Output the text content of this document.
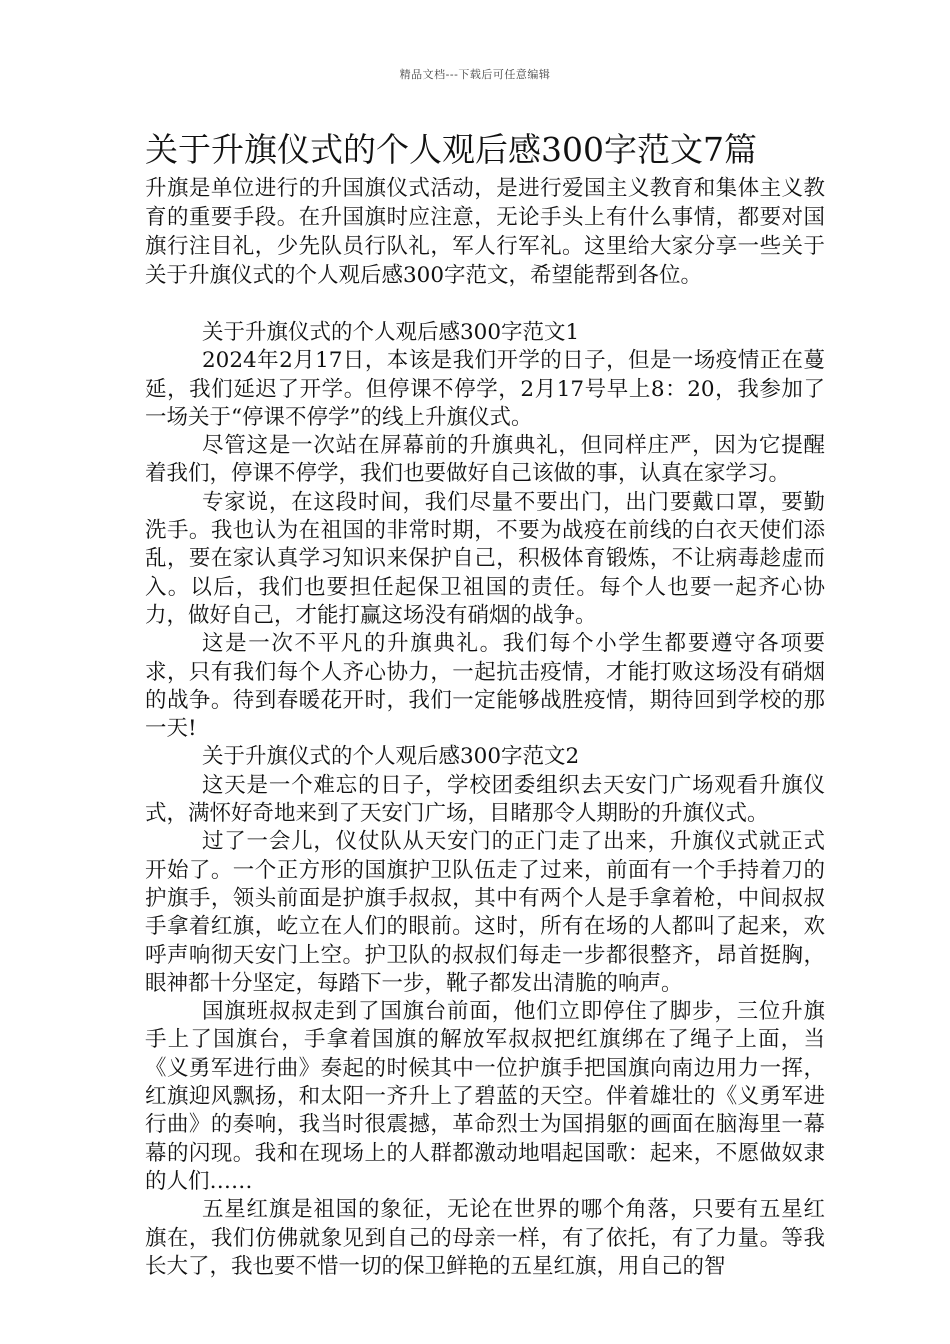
精品文档---下载后可任意编辑
关于升旗仪式的个人观后感300字范文7篇

升旗是单位进行的升国旗仪式活动，是进行爱国主义教育和集体主义教育的重要手段。在升国旗时应注意，无论手头上有什么事情，都要对国旗行注目礼，少先队员行队礼，军人行军礼。这里给大家分享一些关于关于升旗仪式的个人观后感300字范文，希望能帮到各位。

关于升旗仪式的个人观后感300字范文1

2024年2月17日，本该是我们开学的日子，但是一场疫情正在蔓延，我们延迟了开学。但停课不停学，2月17号早上8：20，我参加了一场关于“停课不停学”的线上升旗仪式。

尽管这是一次站在屏幕前的升旗典礼，但同样庄严，因为它提醒着我们，停课不停学，我们也要做好自己该做的事，认真在家学习。

专家说，在这段时间，我们尽量不要出门，出门要戴口罩，要勤洗手。我也认为在祖国的非常时期，不要为战疫在前线的白衣天使们添乱，要在家认真学习知识来保护自己，积极体育锻炼，不让病毒趁虚而入。以后，我们也要担任起保卫祖国的责任。每个人也要一起齐心协力，做好自己，才能打赢这场没有硝烟的战争。

这是一次不平凡的升旗典礼。我们每个小学生都要遵守各项要求，只有我们每个人齐心协力，一起抗击疫情，才能打败这场没有硝烟的战争。待到春暖花开时，我们一定能够战胜疫情，期待回到学校的那一天!

关于升旗仪式的个人观后感300字范文2

这天是一个难忘的日子，学校团委组织去天安门广场观看升旗仪式，满怀好奇地来到了天安门广场，目睹那令人期盼的升旗仪式。

过了一会儿，仪仗队从天安门的正门走了出来，升旗仪式就正式开始了。一个正方形的国旗护卫队伍走了过来，前面有一个手持着刀的护旗手，领头前面是护旗手叔叔，其中有两个人是手拿着枪，中间叔叔手拿着红旗，屹立在人们的眼前。这时，所有在场的人都叫了起来，欢呼声响彻天安门上空。护卫队的叔叔们每走一步都很整齐，昂首挺胸，眼神都十分坚定，每踏下一步，靴子都发出清脆的响声。

国旗班叔叔走到了国旗台前面，他们立即停住了脚步，三位升旗手上了国旗台，手拿着国旗的解放军叔叔把红旗绑在了绳子上面，当《义勇军进行曲》奏起的时候其中一位护旗手把国旗向南边用力一挥，红旗迎风飘扬，和太阳一齐升上了碧蓝的天空。伴着雄壮的《义勇军进行曲》的奏响，我当时很震撼，革命烈士为国捐躯的画面在脑海里一幕幕的闪现。我和在现场上的人群都激动地唱起国歌：起来，不愿做奴隶的人们……

五星红旗是祖国的象征，无论在世界的哪个角落，只要有五星红旗在，我们仿佛就象见到自己的母亲一样，有了依托，有了力量。等我长大了，我也要不惜一切的保卫鲜艳的五星红旗，用自己的智
